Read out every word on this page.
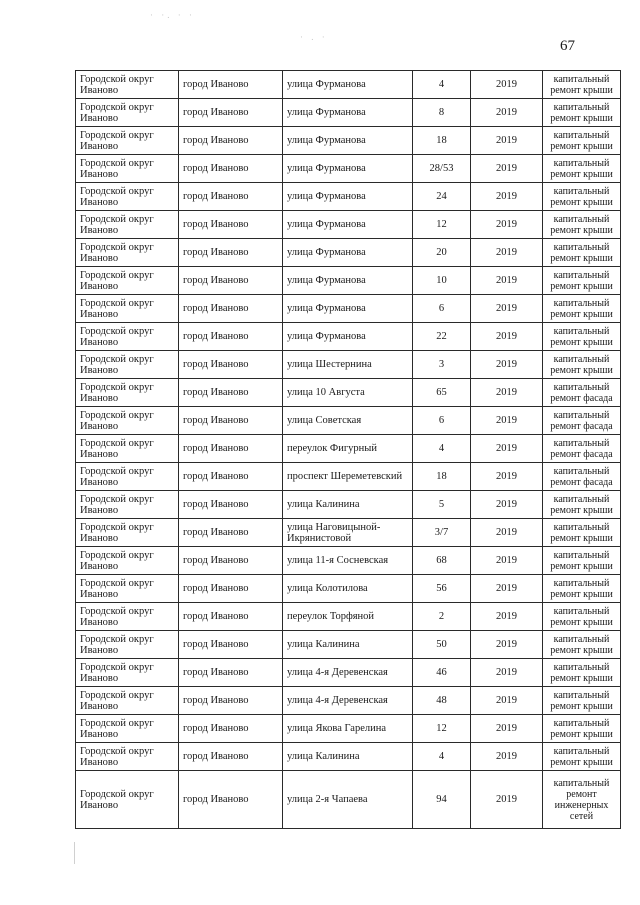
67
· ·. · ·
· . ·
Городской округ Иваново	город Иваново	улица Фурманова	4	2019	капитальный ремонт крыши
Городской округ Иваново	город Иваново	улица Фурманова	8	2019	капитальный ремонт крыши
Городской округ Иваново	город Иваново	улица Фурманова	18	2019	капитальный ремонт крыши
Городской округ Иваново	город Иваново	улица Фурманова	28/53	2019	капитальный ремонт крыши
Городской округ Иваново	город Иваново	улица Фурманова	24	2019	капитальный ремонт крыши
Городской округ Иваново	город Иваново	улица Фурманова	12	2019	капитальный ремонт крыши
Городской округ Иваново	город Иваново	улица Фурманова	20	2019	капитальный ремонт крыши
Городской округ Иваново	город Иваново	улица Фурманова	10	2019	капитальный ремонт крыши
Городской округ Иваново	город Иваново	улица Фурманова	6	2019	капитальный ремонт крыши
Городской округ Иваново	город Иваново	улица Фурманова	22	2019	капитальный ремонт крыши
Городской округ Иваново	город Иваново	улица Шестернина	3	2019	капитальный ремонт крыши
Городской округ Иваново	город Иваново	улица 10 Августа	65	2019	капитальный ремонт фасада
Городской округ Иваново	город Иваново	улица Советская	6	2019	капитальный ремонт фасада
Городской округ Иваново	город Иваново	переулок Фигурный	4	2019	капитальный ремонт фасада
Городской округ Иваново	город Иваново	проспект Шереметевский	18	2019	капитальный ремонт фасада
Городской округ Иваново	город Иваново	улица Калинина	5	2019	капитальный ремонт крыши
Городской округ Иваново	город Иваново	улица Наговицыной-Икрянистовой	3/7	2019	капитальный ремонт крыши
Городской округ Иваново	город Иваново	улица 11-я Сосневская	68	2019	капитальный ремонт крыши
Городской округ Иваново	город Иваново	улица Колотилова	56	2019	капитальный ремонт крыши
Городской округ Иваново	город Иваново	переулок Торфяной	2	2019	капитальный ремонт крыши
Городской округ Иваново	город Иваново	улица Калинина	50	2019	капитальный ремонт крыши
Городской округ Иваново	город Иваново	улица 4-я Деревенская	46	2019	капитальный ремонт крыши
Городской округ Иваново	город Иваново	улица 4-я Деревенская	48	2019	капитальный ремонт крыши
Городской округ Иваново	город Иваново	улица Якова Гарелина	12	2019	капитальный ремонт крыши
Городской округ Иваново	город Иваново	улица Калинина	4	2019	капитальный ремонт крыши
Городской округ Иваново	город Иваново	улица 2-я Чапаева	94	2019	капитальный ремонт инженерных сетей
